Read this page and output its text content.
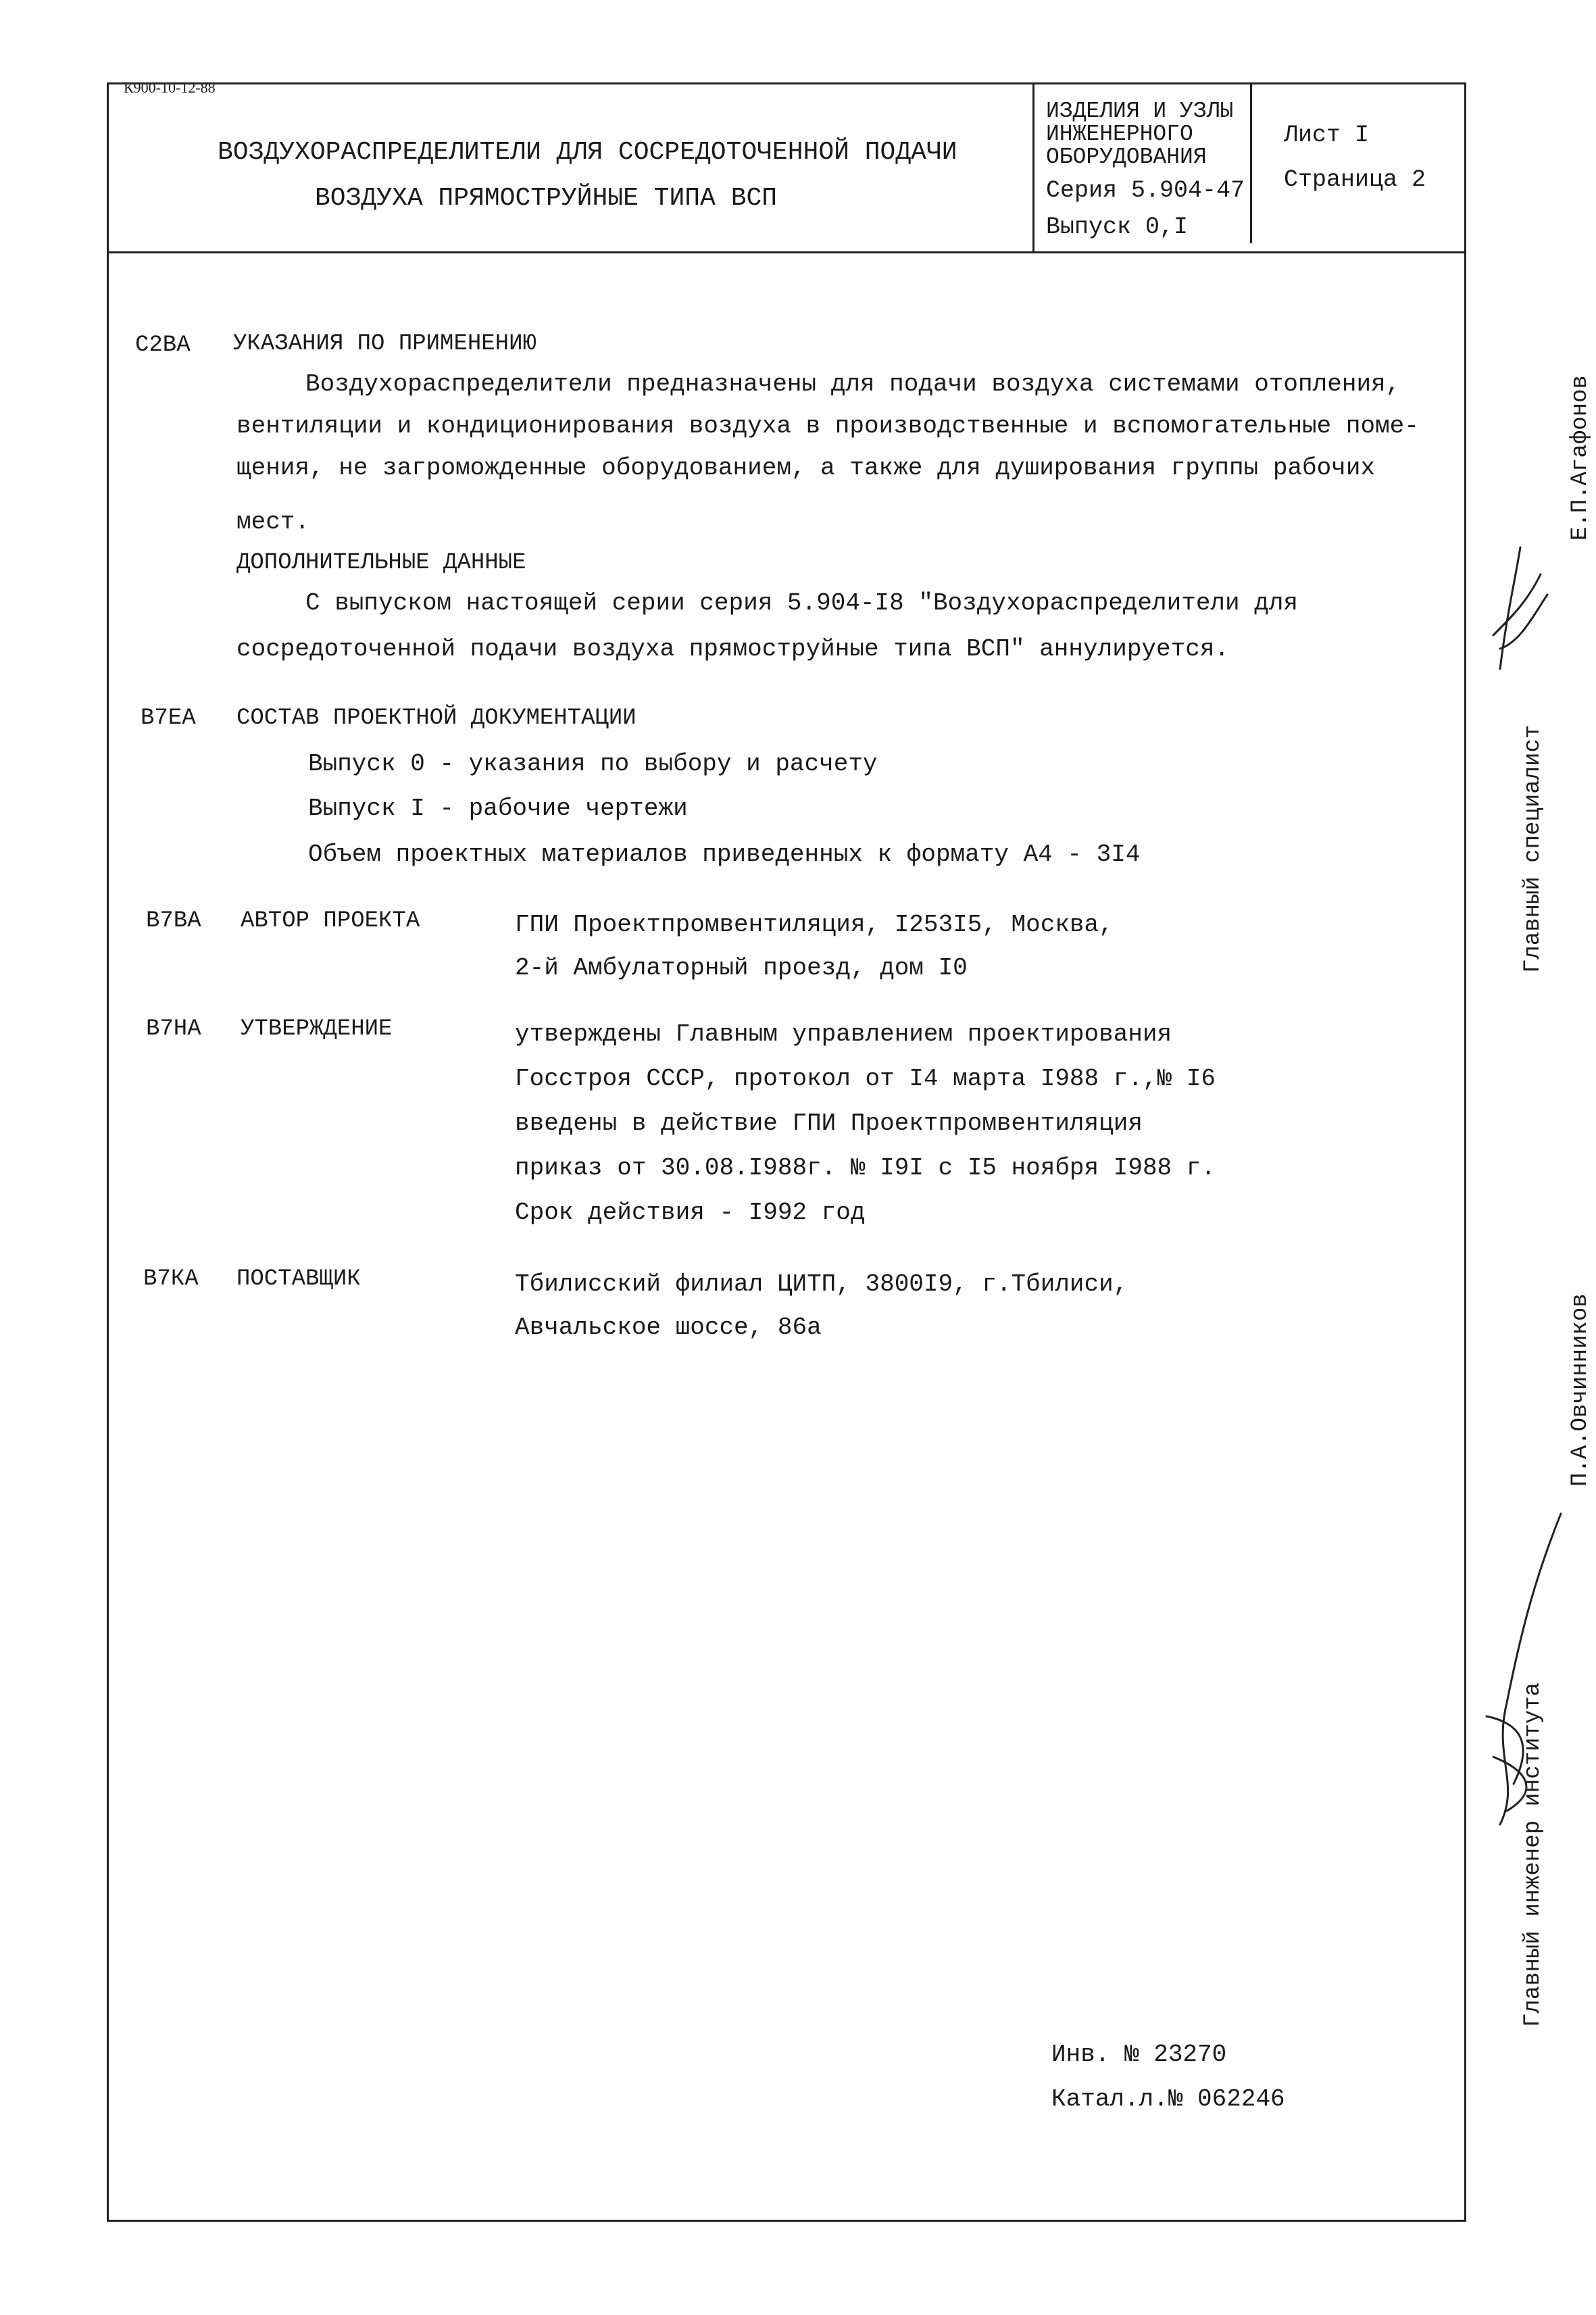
К900-10-12-88
ВОЗДУХОРАСПРЕДЕЛИТЕЛИ ДЛЯ СОСРЕДОТОЧЕННОЙ ПОДАЧИ
ВОЗДУХА ПРЯМОСТРУЙНЫЕ ТИПА ВСП
ИЗДЕЛИЯ И УЗЛЫ
ИНЖЕНЕРНОГО
ОБОРУДОВАНИЯ
Серия 5.904-47
Выпуск 0,I
Лист I
Страница 2
С2ВА УКАЗАНИЯ ПО ПРИМЕНЕНИЮ
Воздухораспределители предназначены для подачи воздуха системами отопления,
вентиляции и кондиционирования воздуха в производственные и вспомогательные поме-
щения, не загроможденные оборудованием, а также для душирования группы рабочих
мест.
ДОПОЛНИТЕЛЬНЫЕ ДАННЫЕ
С выпуском настоящей серии серия 5.904-I8 "Воздухораспределители для
сосредоточенной подачи воздуха прямоструйные типа ВСП" аннулируется.
В7ЕА СОСТАВ ПРОЕКТНОЙ ДОКУМЕНТАЦИИ
Выпуск 0 - указания по выбору и расчету
Выпуск I - рабочие чертежи
Объем проектных материалов приведенных к формату А4 - 3I4
В7ВА АВТОР ПРОЕКТА	ГПИ Проектпромвентиляция, I253I5, Москва,
2-й Амбулаторный проезд, дом I0
В7НА УТВЕРЖДЕНИЕ	утверждены Главным управлением проектирования
Госстроя СССР, протокол от I4 марта I988 г.,№ I6
введены в действие ГПИ Проектпромвентиляция
приказ от 30.08.I988г. № I9I с I5 ноября I988 г.
Срок действия - I992 год
В7КА ПОСТАВЩИК	Тбилисский филиал ЦИТП, 3800I9, г.Тбилиси,
Авчальское шоссе, 86а
Инв. № 23270
Катал.л.№ 062246
Главный специалист
Е.П.Агафонов
Главный инженер института
П.А.Овчинников
